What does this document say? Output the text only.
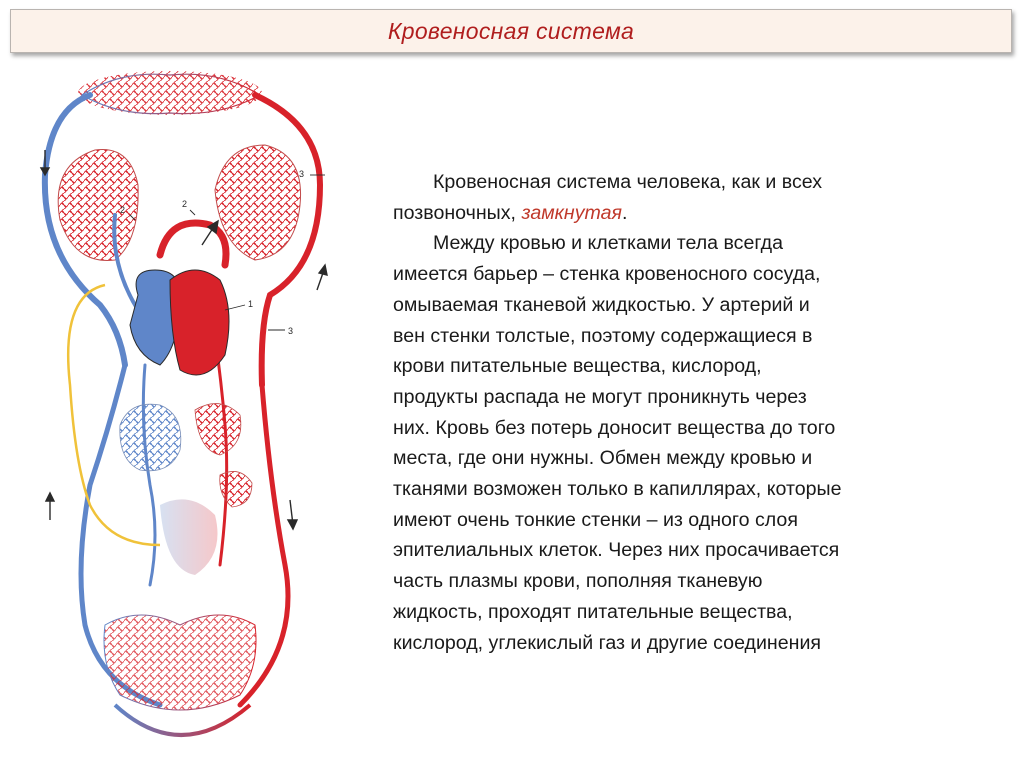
Кровеносная система
1
2
2
3
3
Кровеносная система человека, как и всех
позвоночных, замкнутая.
Между кровью и клетками тела всегда
имеется барьер – стенка кровеносного сосуда,
омываемая тканевой жидкостью. У артерий и
вен стенки толстые, поэтому содержащиеся в
крови питательные вещества, кислород,
продукты распада не могут проникнуть через
них. Кровь без потерь доносит вещества до того
места, где они нужны. Обмен между кровью и
тканями возможен только в капиллярах, которые
имеют очень тонкие стенки – из одного слоя
эпителиальных клеток. Через них просачивается
часть плазмы крови, пополняя тканевую
жидкость, проходят питательные вещества,
кислород, углекислый газ и другие соединения
